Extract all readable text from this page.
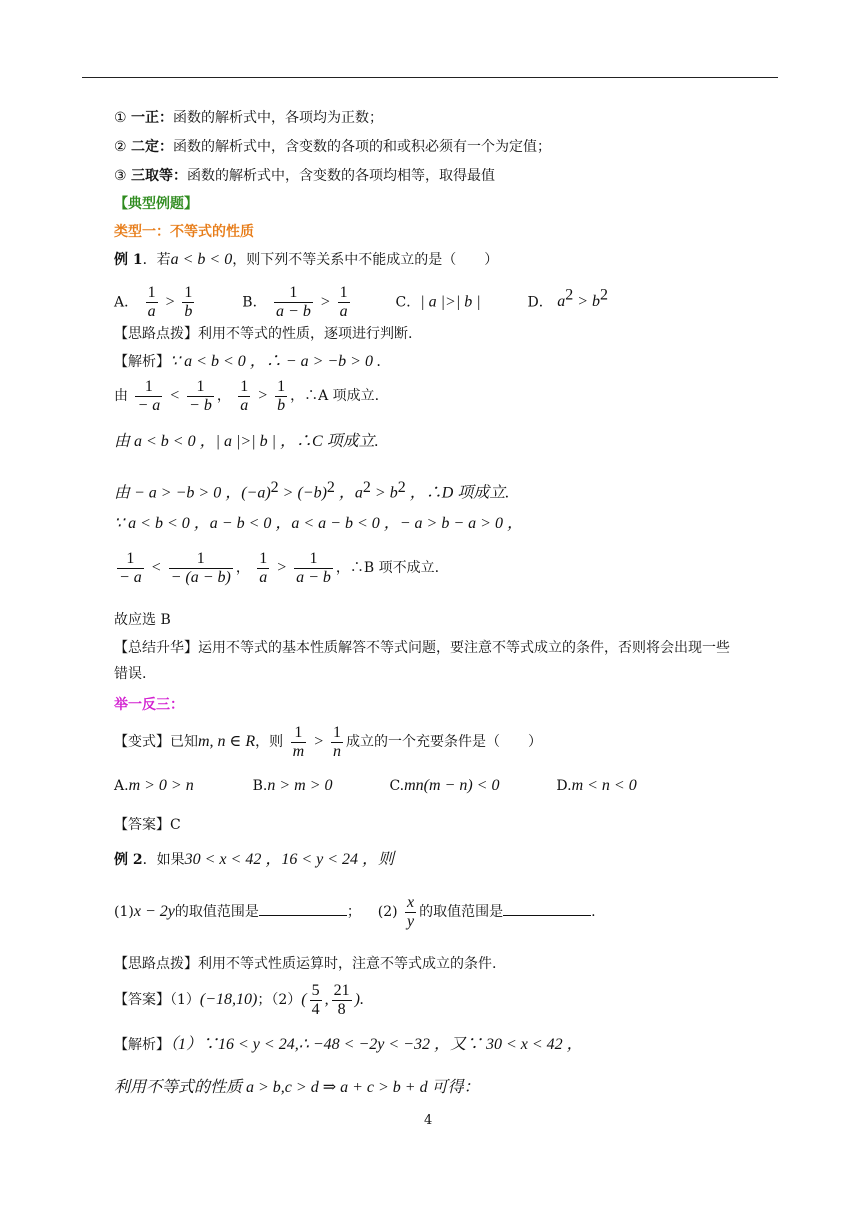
① 一正：函数的解析式中，各项均为正数；
② 二定：函数的解析式中，含变数的各项的和或积必须有一个为定值；
③ 三取等：函数的解析式中，含变数的各项均相等，取得最值
【典型例题】
类型一：不等式的性质
例 1．若a < b < 0，则下列不等关系中不能成立的是（　　）
A． $\frac{1}{a} > \frac{1}{b}$	B． $\frac{1}{a - b} > \frac{1}{a}$	C．| a |>| b |	D． $a^2 > b^2$
【思路点拨】利用不等式的性质，逐项进行判断.
【解析】∵ a < b < 0 ，∴ − a > −b > 0 .
由 $\frac{1}{- a} < \frac{1}{- b}$ ， $\frac{1}{a} > \frac{1}{b}$ ，∴A 项成立.
由 a < b < 0 ，| a |>| b | ，∴C 项成立.
由 − a > −b > 0 ，$(-a)^2 > (-b)^2$ ，$a^2 > b^2$ ，∴D 项成立.
∵ a < b < 0 ，a − b < 0 ，a < a − b < 0 ，− a > b − a > 0 ，
$\frac{1}{- a} < \frac{1}{- (a - b)}$ ， $\frac{1}{a} > \frac{1}{a - b}$ ，∴B 项不成立.
故应选 B
【总结升华】运用不等式的基本性质解答不等式问题，要注意不等式成立的条件，否则将会出现一些
错误.
举一反三：
【变式】已知m, n ∈ R，则 $\frac{1}{m} > \frac{1}{n}$ 成立的一个充要条件是（　　）
A.m > 0 > n	B.n > m > 0	C.mn(m − n) < 0	D.m < n < 0
【答案】C
例 2．如果30 < x < 42 ，16 < y < 24 ，则
(1)x − 2y的取值范围是	； $(2) \frac{x}{y}$ 的取值范围是	.
【思路点拨】利用不等式性质运算时，注意不等式成立的条件.
【答案】（1）(−18,10)；$(2)( \frac{5}{4}$ , $\frac{21}{8}$ ).
【解析】（1）∵16 < y < 24,∴ −48 < −2y < −32 ，又∵ 30 < x < 42 ，
利用不等式的性质 a > b,c > d ⇒ a + c > b + d 可得：
4
